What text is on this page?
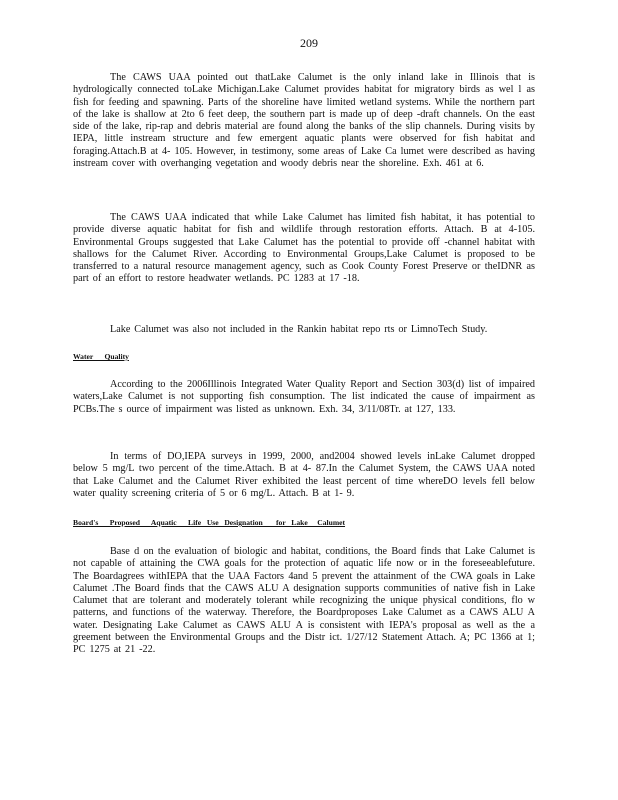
209

The CAWS UAA pointed out thatLake Calumet is the only inland lake in Illinois that is hydrologically connected toLake Michigan.Lake Calumet provides habitat for migratory birds as wel l as fish for feeding and spawning. Parts of the shoreline have limited wetland systems. While the northern part of the lake is shallow at 2to 6 feet deep, the southern part is made up of deep -draft channels. On the east side of the lake, rip-rap and debris material are found along the banks of the slip channels. During visits by IEPA, little instream structure and few emergent aquatic plants were observed for fish habitat and foraging.Attach.B at 4- 105. However, in testimony, some areas of Lake Ca lumet were described as having instream cover with overhanging vegetation and woody debris near the shoreline. Exh. 461 at 6.

The CAWS UAA indicated that while Lake Calumet has limited fish habitat, it has potential to provide diverse aquatic habitat for fish and wildlife through restoration efforts. Attach. B at 4-105. Environmental Groups suggested that Lake Calumet has the potential to provide off -channel habitat with shallows for the Calumet River. According to Environmental Groups,Lake Calumet is proposed to be transferred to a natural resource management agency, such as Cook County Forest Preserve or theIDNR as part of an effort to restore headwater wetlands. PC 1283 at 17 -18.

Lake Calumet was also not included in the Rankin habitat repo rts or LimnoTech Study.

Water      Quality

According to the 2006Illinois Integrated Water Quality Report and Section 303(d) list of impaired waters,Lake Calumet is not supporting fish consumption. The list indicated the cause of impairment as PCBs.The s ource of impairment was listed as unknown. Exh. 34, 3/11/08Tr. at 127, 133.

In terms of DO,IEPA surveys in 1999, 2000, and2004 showed levels inLake Calumet dropped below 5 mg/L two percent of the time.Attach. B at 4- 87.In the Calumet System, the CAWS UAA noted that Lake Calumet and the Calumet River exhibited the least percent of time whereDO levels fell below water quality screening criteria of 5 or 6 mg/L. Attach. B at 1- 9.

Board's      Proposed      Aquatic      Life   Use   Designation       for   Lake     Calumet

Base d on the evaluation of biologic and habitat, conditions, the Board finds that Lake Calumet is not capable of attaining the CWA goals for the protection of aquatic life now or in the foreseeablefuture. The Boardagrees withIEPA that the UAA Factors 4and 5 prevent the attainment of the CWA goals in Lake Calumet .The Board finds that the CAWS ALU A designation supports communities of native fish in Lake Calumet that are tolerant and moderately tolerant while recognizing the unique physical conditions, flo w patterns, and functions of the waterway. Therefore, the Boardproposes Lake Calumet as a CAWS ALU A water. Designating Lake Calumet as CAWS ALU A is consistent with IEPA's proposal as well as the a greement between the Environmental Groups and the Distr ict. 1/27/12 Statement Attach. A; PC 1366 at 1; PC 1275 at 21 -22.
